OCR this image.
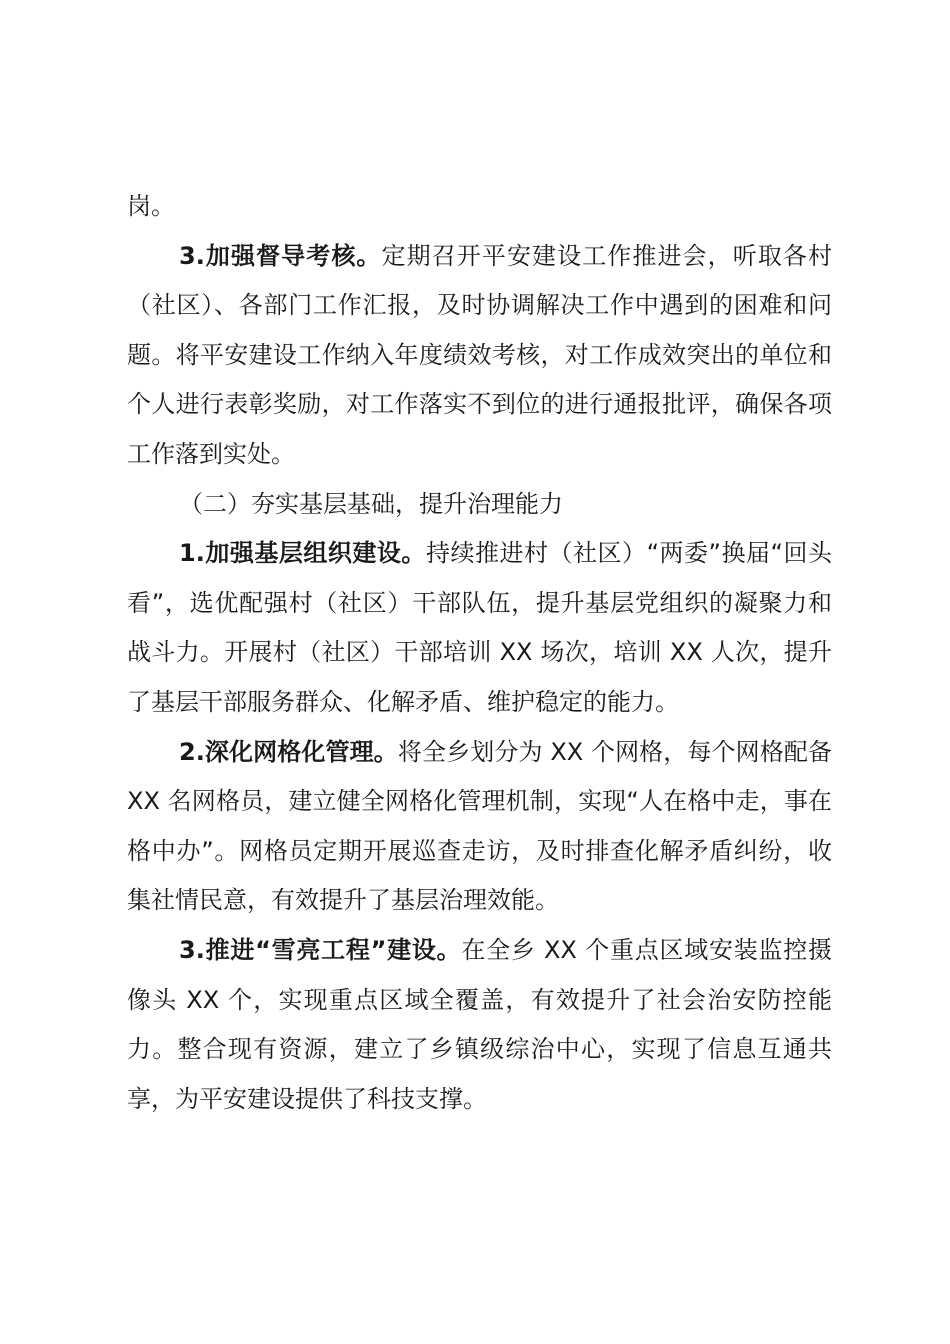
岗。

3.加强督导考核。定期召开平安建设工作推进会，听取各村（社区）、各部门工作汇报，及时协调解决工作中遇到的困难和问题。将平安建设工作纳入年度绩效考核，对工作成效突出的单位和个人进行表彰奖励，对工作落实不到位的进行通报批评，确保各项工作落到实处。

（二）夯实基层基础，提升治理能力

1.加强基层组织建设。持续推进村（社区）“两委”换届“回头看”，选优配强村（社区）干部队伍，提升基层党组织的凝聚力和战斗力。开展村（社区）干部培训 XX 场次，培训 XX 人次，提升了基层干部服务群众、化解矛盾、维护稳定的能力。

2.深化网格化管理。将全乡划分为 XX 个网格，每个网格配备 XX 名网格员，建立健全网格化管理机制，实现“人在格中走，事在格中办”。网格员定期开展巡查走访，及时排查化解矛盾纠纷，收集社情民意，有效提升了基层治理效能。

3.推进“雪亮工程”建设。在全乡 XX 个重点区域安装监控摄像头 XX 个，实现重点区域全覆盖，有效提升了社会治安防控能力。整合现有资源，建立了乡镇级综治中心，实现了信息互通共享，为平安建设提供了科技支撑。
